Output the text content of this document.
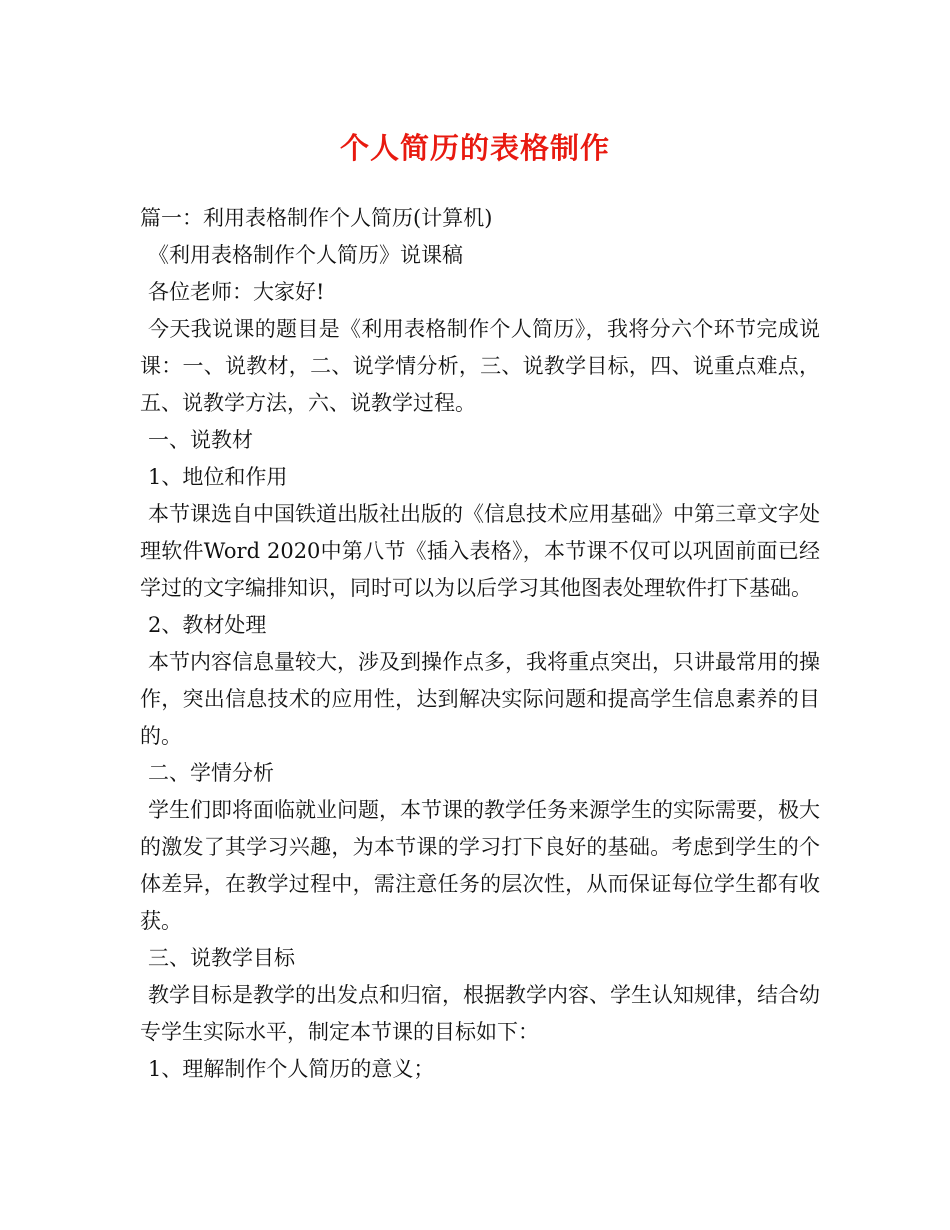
个人简历的表格制作

篇一：利用表格制作个人简历(计算机)

《利用表格制作个人简历》说课稿

各位老师：大家好!

今天我说课的题目是《利用表格制作个人简历》，我将分六个环节完成说课：一、说教材，二、说学情分析，三、说教学目标，四、说重点难点，五、说教学方法，六、说教学过程。

一、说教材

1、地位和作用

本节课选自中国铁道出版社出版的《信息技术应用基础》中第三章文字处理软件Word 2020中第八节《插入表格》，本节课不仅可以巩固前面已经学过的文字编排知识，同时可以为以后学习其他图表处理软件打下基础。

2、教材处理

本节内容信息量较大，涉及到操作点多，我将重点突出，只讲最常用的操作，突出信息技术的应用性，达到解决实际问题和提高学生信息素养的目的。

二、学情分析

学生们即将面临就业问题，本节课的教学任务来源学生的实际需要，极大的激发了其学习兴趣，为本节课的学习打下良好的基础。考虑到学生的个体差异，在教学过程中，需注意任务的层次性，从而保证每位学生都有收获。

三、说教学目标

教学目标是教学的出发点和归宿，根据教学内容、学生认知规律，结合幼专学生实际水平，制定本节课的目标如下：

1、理解制作个人简历的意义；
